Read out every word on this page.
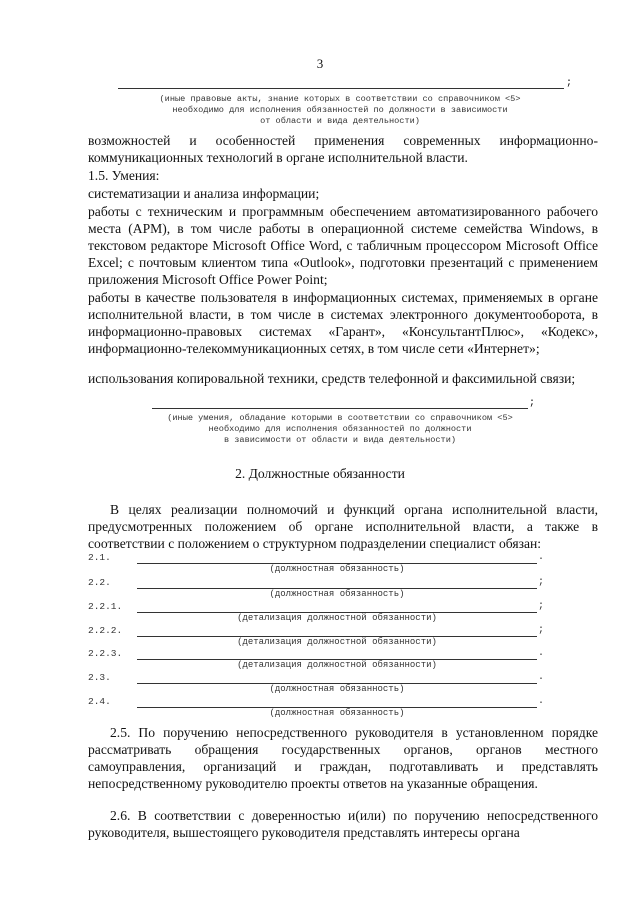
3
;
(иные правовые акты, знание которых в соответствии со справочником <5>
необходимо для исполнения обязанностей по должности в зависимости
от области и вида деятельности)
возможностей и особенностей применения современных информационно-коммуникационных технологий в органе исполнительной власти.
1.5. Умения:
систематизации и анализа информации;
работы с техническим и программным обеспечением автоматизированного рабочего места (АРМ), в том числе работы в операционной системе семейства Windows, в текстовом редакторе Microsoft Office Word, с табличным процессором Microsoft Office Excel; с почтовым клиентом типа «Outlook», подготовки презентаций с применением приложения Microsoft Office Power Point;
работы в качестве пользователя в информационных системах, применяемых в органе исполнительной власти, в том числе в системах электронного документооборота, в информационно-правовых системах «Гарант», «КонсультантПлюс», «Кодекс», информационно-телекоммуникационных сетях, в том числе сети «Интернет»;
использования копировальной техники, средств телефонной и факсимильной связи;
;
(иные умения, обладание которыми в соответствии со справочником <5>
необходимо для исполнения обязанностей по должности
в зависимости от области и вида деятельности)
2. Должностные обязанности
В целях реализации полномочий и функций органа исполнительной власти, предусмотренных положением об органе исполнительной власти, а также в соответствии с положением о структурном подразделении специалист обязан:
2.1.	.
(должностная обязанность)
2.2.	;
(должностная обязанность)
2.2.1.	;
(детализация должностной обязанности)
2.2.2.	;
(детализация должностной обязанности)
2.2.3.	.
(детализация должностной обязанности)
2.3.	.
(должностная обязанность)
2.4.	.
(должностная обязанность)
2.5. По поручению непосредственного руководителя в установленном порядке рассматривать обращения государственных органов, органов местного самоуправления, организаций и граждан, подготавливать и представлять непосредственному руководителю проекты ответов на указанные обращения.
2.6. В соответствии с доверенностью и(или) по поручению непосредственного руководителя, вышестоящего руководителя представлять интересы органа
